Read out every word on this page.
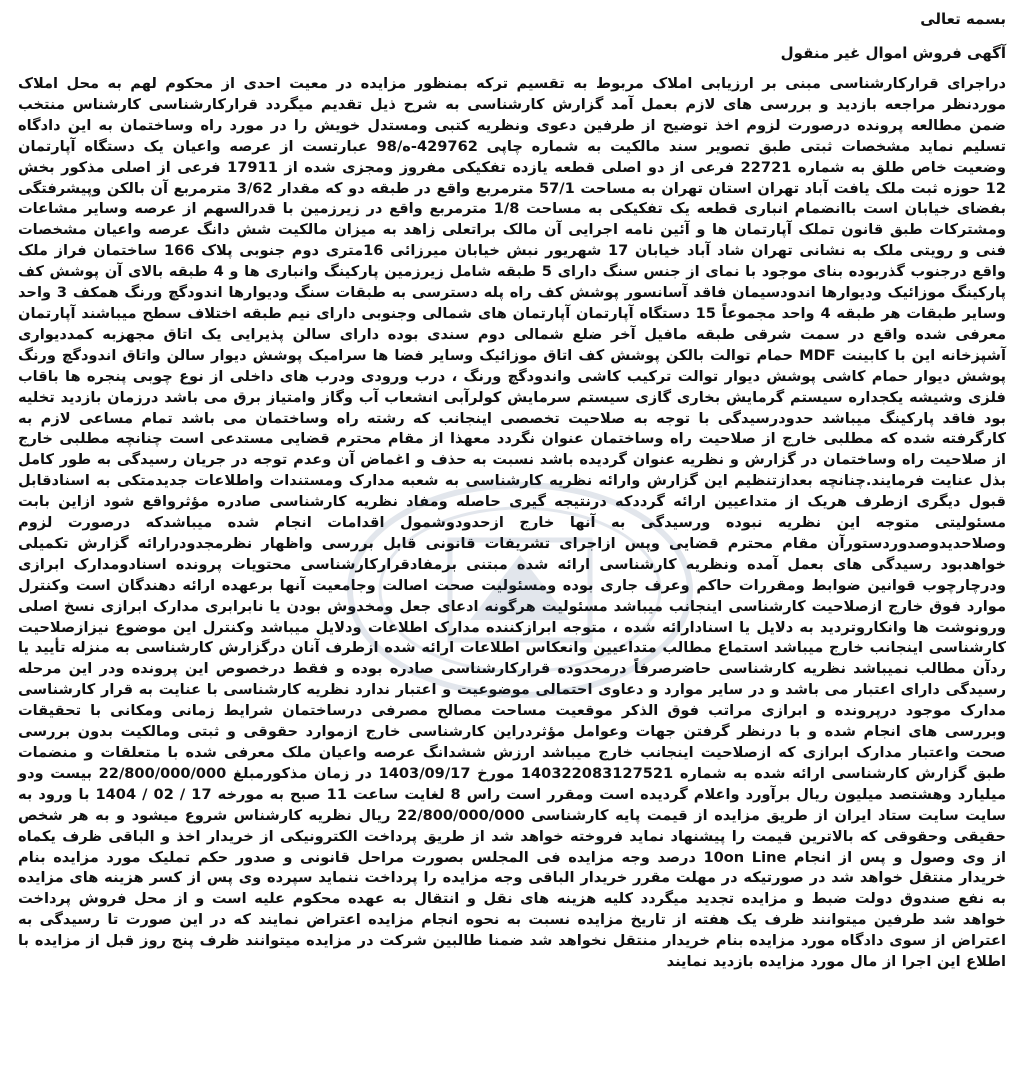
بسمه تعالی
آگهی فروش اموال غیر منقول

دراجرای قرارکارشناسی مبنی بر ارزیابی املاک مربوط به تقسیم ترکه بمنظور مزایده در معیت احدی از محکوم لهم به محل املاک موردنظر مراجعه بازدید و بررسی های لازم بعمل آمد گزارش کارشناسی به شرح ذیل تقدیم میگردد قرارکارشناسی کارشناس منتخب ضمن مطالعه پرونده درصورت لزوم اخذ توضیح از طرفین دعوی ونظریه کتبی ومستدل خویش را در مورد راه وساختمان به این دادگاه تسلیم نماید مشخصات ثبتی طبق تصویر سند مالکیت به شماره چاپی 429762-ه/98 عبارتست از عرصه واعیان یک دستگاه آپارتمان وضعیت خاص طلق به شماره 22721 فرعی از دو اصلی قطعه یازده تفکیکی مفروز ومجزی شده از 17911 فرعی از اصلی مذکور بخش 12 حوزه ثبت ملک یافت آباد تهران استان تهران به مساحت 57/1 مترمربع واقع در طبقه دو که مقدار 3/62 مترمربع آن بالکن وپیشرفتگی بفضای خیابان است باانضمام انباری قطعه یک تفکیکی به مساحت 1/8 مترمربع واقع در زیرزمین با قدرالسهم از عرصه وسایر مشاعات ومشترکات طبق قانون تملک آپارتمان ها و آئین نامه اجرایی آن مالک براتعلی زاهد به میزان مالکیت شش دانگ عرصه واعیان مشخصات فنی و رویتی ملک به نشانی تهران شاد آباد خیابان 17 شهریور نبش خیابان میرزائی 16متری دوم جنوبی پلاک 166 ساختمان فراز ملک واقع درجنوب گذربوده بنای موجود با نمای از جنس سنگ دارای 5 طبقه شامل زیرزمین پارکینگ وانباری ها و 4 طبقه بالای آن پوشش کف پارکینگ موزائیک ودیوارها اندودسیمان فاقد آسانسور پوشش کف راه پله دسترسی به طبقات سنگ ودیوارها اندودگچ ورنگ همکف 3 واحد وسایر طبقات هر طبقه 4 واحد مجموعاً 15 دستگاه آپارتمان آپارتمان های شمالی وجنوبی دارای نیم طبقه اختلاف سطح میباشند آپارتمان معرفی شده واقع در سمت شرقی طبقه مافیل آخر ضلع شمالی دوم سندی بوده دارای سالن پذیرایی یک اتاق مجهزبه کمددیواری آشپزخانه این با کابینت MDF حمام توالت بالکن پوشش کف اتاق موزائیک وسایر فضا ها سرامیک پوشش دیوار سالن واتاق اندودگچ ورنگ پوشش دیوار حمام کاشی پوشش دیوار توالت ترکیب کاشی واندودگچ ورنگ ، درب ورودی ودرب های داخلی از نوع چوبی پنجره ها باقاب فلزی وشیشه یکجداره سیستم گرمایش بخاری گازی سیستم سرمایش کولرآبی انشعاب آب وگاز وامتیاز برق می باشد درزمان بازدید تخلیه بود فاقد پارکینگ میباشد حدودرسیدگی با توجه به صلاحیت تخصصی اینجانب که رشته راه وساختمان می باشد تمام مساعی لازم به کارگرفته شده که مطلبی خارج از صلاحیت راه وساختمان عنوان نگردد معهذا از مقام محترم قضایی مستدعی است چنانچه مطلبی خارج از صلاحیت راه وساختمان در گزارش و نظریه عنوان گردیده باشد نسبت به حذف و اغماض آن وعدم توجه در جریان رسیدگی به طور کامل بذل عنایت فرمایند.چنانچه بعدازتنظیم این گزارش وارائه نظریه کارشناسی به شعبه مدارک ومستندات واطلاعات جدیدمتکی به اسنادقابل قبول دیگری ازطرف هریک از متداعیین ارائه گرددکه درنتیجه گیری حاصله ومفاد نظریه کارشناسی صادره مؤثرواقع شود ازاین بابت مسئولیتی متوجه این نظریه نبوده ورسیدگی به آنها خارج ازحدودوشمول اقدامات انجام شده میباشدکه درصورت لزوم وصلاحدیدوصدوردستورآن مقام محترم قضایی وپس ازاجرای تشریفات قانونی قابل بررسی واظهار نظرمجدودرارائه گزارش تکمیلی خواهدبود رسیدگی های بعمل آمده ونظریه کارشناسی ارائه شده مبتنی برمفادقرارکارشناسی محتویات پرونده اسنادومدارک ابرازی ودرچارچوب قوانین ضوابط ومقررات حاکم وعرف جاری بوده ومسئولیت صحت اصالت وجامعیت آنها برعهده ارائه دهندگان است وکنترل موارد فوق خارج ازصلاحیت کارشناسی اینجانب میباشد مسئولیت هرگونه ادعای جعل ومخدوش بودن یا نابرابری مدارک ابرازی نسخ اصلی ورونوشت ها وانکاروتردید به دلایل یا اسنادارائه شده ، متوجه ابرازکننده مدارک اطلاعات ودلایل میباشد وکنترل این موضوع نیزازصلاحیت کارشناسی اینجانب خارج میباشد استماع مطالب متداعیین وانعکاس اطلاعات ارائه شده ازطرف آنان درگزارش کارشناسی به منزله تأیید یا ردآن مطالب نمیباشد نظریه کارشناسی حاضرصرفاً درمحدوده قرارکارشناسی صادره بوده و فقط درخصوص این پرونده ودر این مرحله رسیدگی دارای اعتبار می باشد و در سایر موارد و دعاوی احتمالی موضوعیت و اعتبار ندارد نظریه کارشناسی با عنایت به قرار کارشناسی مدارک موجود درپرونده و ابرازی مراتب فوق الذکر موقعیت مساحت مصالح مصرفی درساختمان شرایط زمانی ومکانی با تحقیقات وبررسی های انجام شده و با درنظر گرفتن جهات وعوامل مؤثردراین کارشناسی خارج ازموارد حقوقی و ثبتی ومالکیت بدون بررسی صحت واعتبار مدارک ابرازی که ازصلاحیت اینجانب خارج میباشد ارزش ششدانگ عرصه واعیان ملک معرفی شده با متعلقات و منضمات طبق گزارش کارشناسی ارائه شده به شماره 140322083127521 مورخ 1403/09/17 در زمان مذکورمبلغ 22/800/000/000 بیست ودو میلیارد وهشتصد میلیون ریال برآورد واعلام گردیده است ومقرر است راس 8 لغایت ساعت 11 صبح به مورخه 17 / 02 / 1404 با ورود به سایت سایت ستاد ایران از طریق مزایده از قیمت پایه کارشناسی 22/800/000/000 ریال نظریه کارشناس شروع میشود و به هر شخص حقیقی وحقوقی که بالاترین قیمت را پیشنهاد نماید فروخته خواهد شد از طریق پرداخت الکترونیکی از خریدار اخذ و الباقی ظرف یکماه از وی وصول و پس از انجام 10on Line درصد وجه مزایده فی المجلس بصورت مراحل قانونی و صدور حکم تملیک مورد مزایده بنام خریدار منتقل خواهد شد در صورتیکه در مهلت مقرر خریدار الباقی وجه مزایده را پرداخت ننماید سپرده وی پس از کسر هزینه های مزایده به نفع صندوق دولت ضبط و مزایده تجدید میگردد کلیه هزینه های نقل و انتقال به عهده محکوم علیه است و از محل فروش پرداخت خواهد شد طرفین میتوانند ظرف یک هفته از تاریخ مزایده نسبت به نحوه انجام مزایده اعتراض نمایند که در این صورت تا رسیدگی به اعتراض از سوی دادگاه مورد مزایده بنام خریدار منتقل نخواهد شد ضمنا طالبین شرکت در مزایده میتوانند ظرف پنج روز قبل از مزایده با اطلاع این اجرا از مال مورد مزایده بازدید نمایند
